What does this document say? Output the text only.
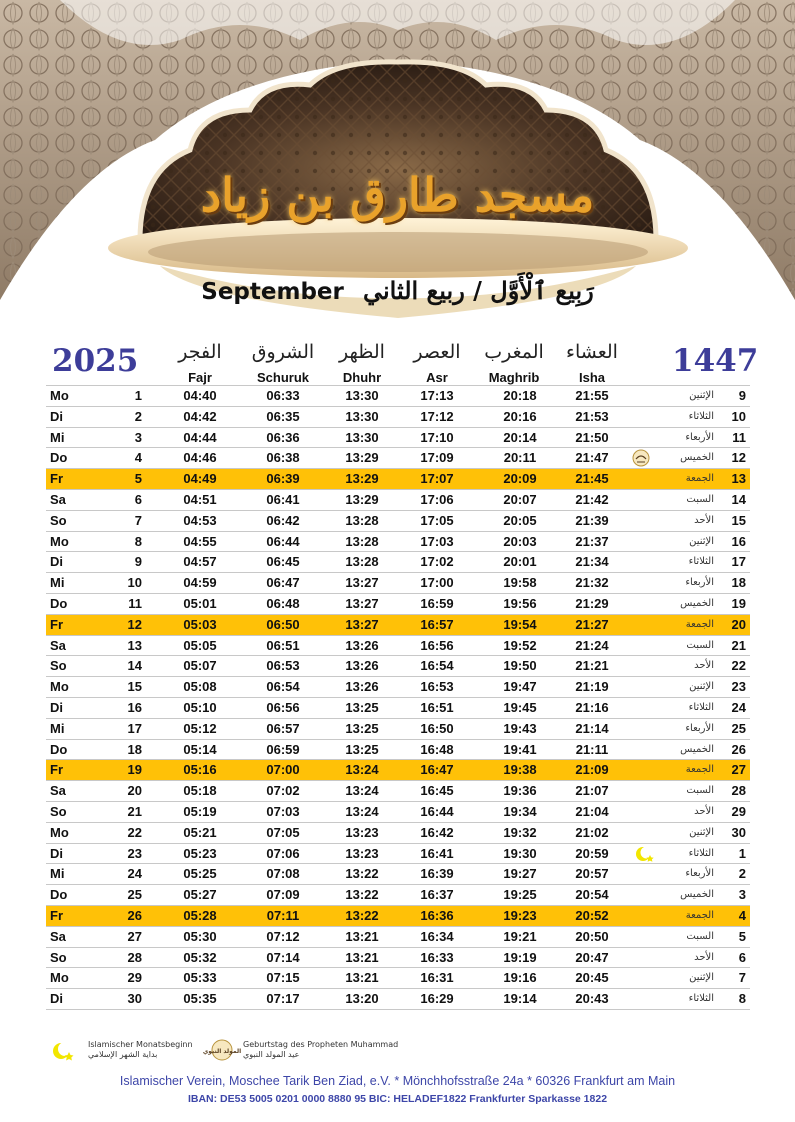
مسجد طارق بن زياد
September رَبِيع ٱلْأَوَّل / ربيع الثاني
2025	1447
الفجر
Fajr
الشروق
Schuruk
الظهر
Dhuhr
العصر
Asr
المغرب
Maghrib
العشاء
Isha
Mo	1	04:40	06:33	13:30	17:13	20:18	21:55	الإثنين	9
Di	2	04:42	06:35	13:30	17:12	20:16	21:53	الثلاثاء	10
Mi	3	04:44	06:36	13:30	17:10	20:14	21:50	الأربعاء	11
Do	4	04:46	06:38	13:29	17:09	20:11	21:47	الخميس	12
Fr	5	04:49	06:39	13:29	17:07	20:09	21:45	الجمعة	13
Sa	6	04:51	06:41	13:29	17:06	20:07	21:42	السبت	14
So	7	04:53	06:42	13:28	17:05	20:05	21:39	الأحد	15
Mo	8	04:55	06:44	13:28	17:03	20:03	21:37	الإثنين	16
Di	9	04:57	06:45	13:28	17:02	20:01	21:34	الثلاثاء	17
Mi	10	04:59	06:47	13:27	17:00	19:58	21:32	الأربعاء	18
Do	11	05:01	06:48	13:27	16:59	19:56	21:29	الخميس	19
Fr	12	05:03	06:50	13:27	16:57	19:54	21:27	الجمعة	20
Sa	13	05:05	06:51	13:26	16:56	19:52	21:24	السبت	21
So	14	05:07	06:53	13:26	16:54	19:50	21:21	الأحد	22
Mo	15	05:08	06:54	13:26	16:53	19:47	21:19	الإثنين	23
Di	16	05:10	06:56	13:25	16:51	19:45	21:16	الثلاثاء	24
Mi	17	05:12	06:57	13:25	16:50	19:43	21:14	الأربعاء	25
Do	18	05:14	06:59	13:25	16:48	19:41	21:11	الخميس	26
Fr	19	05:16	07:00	13:24	16:47	19:38	21:09	الجمعة	27
Sa	20	05:18	07:02	13:24	16:45	19:36	21:07	السبت	28
So	21	05:19	07:03	13:24	16:44	19:34	21:04	الأحد	29
Mo	22	05:21	07:05	13:23	16:42	19:32	21:02	الإثنين	30
Di	23	05:23	07:06	13:23	16:41	19:30	20:59	الثلاثاء	1
Mi	24	05:25	07:08	13:22	16:39	19:27	20:57	الأربعاء	2
Do	25	05:27	07:09	13:22	16:37	19:25	20:54	الخميس	3
Fr	26	05:28	07:11	13:22	16:36	19:23	20:52	الجمعة	4
Sa	27	05:30	07:12	13:21	16:34	19:21	20:50	السبت	5
So	28	05:32	07:14	13:21	16:33	19:19	20:47	الأحد	6
Mo	29	05:33	07:15	13:21	16:31	19:16	20:45	الإثنين	7
Di	30	05:35	07:17	13:20	16:29	19:14	20:43	الثلاثاء	8
Islamischer Monatsbeginn
بداية الشهر الإسلامي	المولد النبوي
Geburtstag des Propheten Muhammad
عيد المولد النبوي
Islamischer Verein, Moschee Tarik Ben Ziad, e.V. * Mönchhofsstraße 24a * 60326 Frankfurt am Main
IBAN: DE53 5005 0201 0000 8880 95 BIC: HELADEF1822 Frankfurter Sparkasse 1822
